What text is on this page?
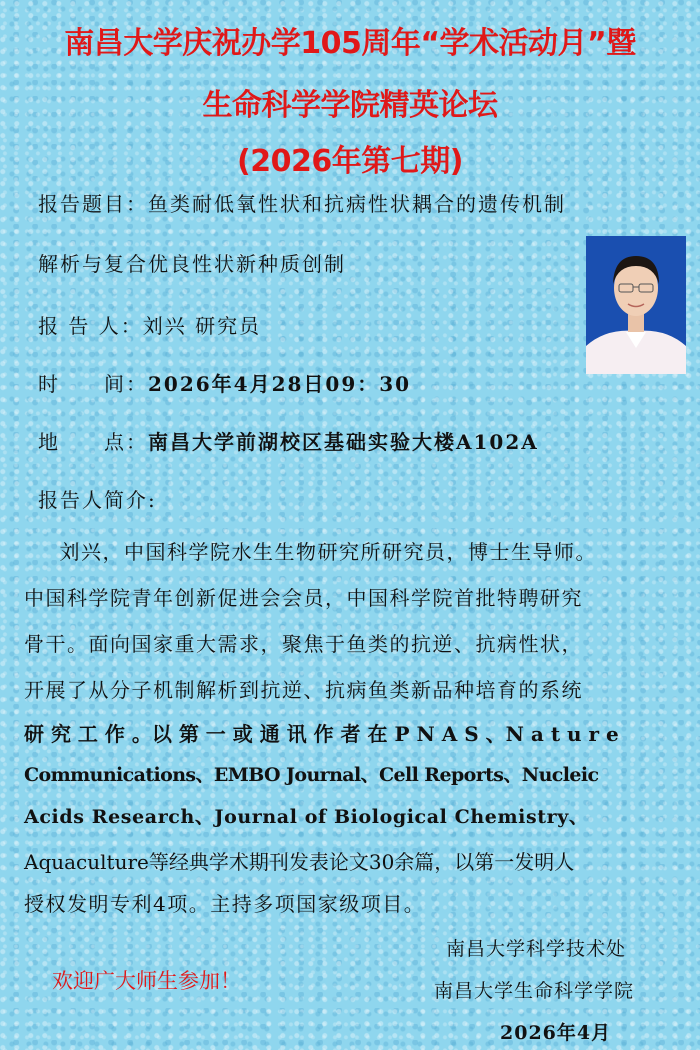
南昌大学庆祝办学105周年“学术活动月”暨
生命科学学院精英论坛
(2026年第七期)
报告题目：鱼类耐低氧性状和抗病性状耦合的遗传机制
解析与复合优良性状新种质创制
报 告 人：刘兴 研究员
时　　间：2026年4月28日09：30
地　　点：南昌大学前湖校区基础实验大楼A102A
报告人简介:
　刘兴，中国科学院水生生物研究所研究员，博士生导师。
中国科学院青年创新促进会会员，中国科学院首批特聘研究
骨干。面向国家重大需求，聚焦于鱼类的抗逆、抗病性状，
开展了从分子机制解析到抗逆、抗病鱼类新品种培育的系统
研 究 工 作 。以 第 一 或 通 讯 作 者 在 P N A S 、N a t u r e
Communications、EMBO Journal、Cell Reports、Nucleic
Acids Research、Journal of Biological Chemistry、
Aquaculture等经典学术期刊发表论文30余篇，以第一发明人
授权发明专利4项。主持多项国家级项目。
欢迎广大师生参加！
南昌大学科学技术处
南昌大学生命科学学院
2026年4月
